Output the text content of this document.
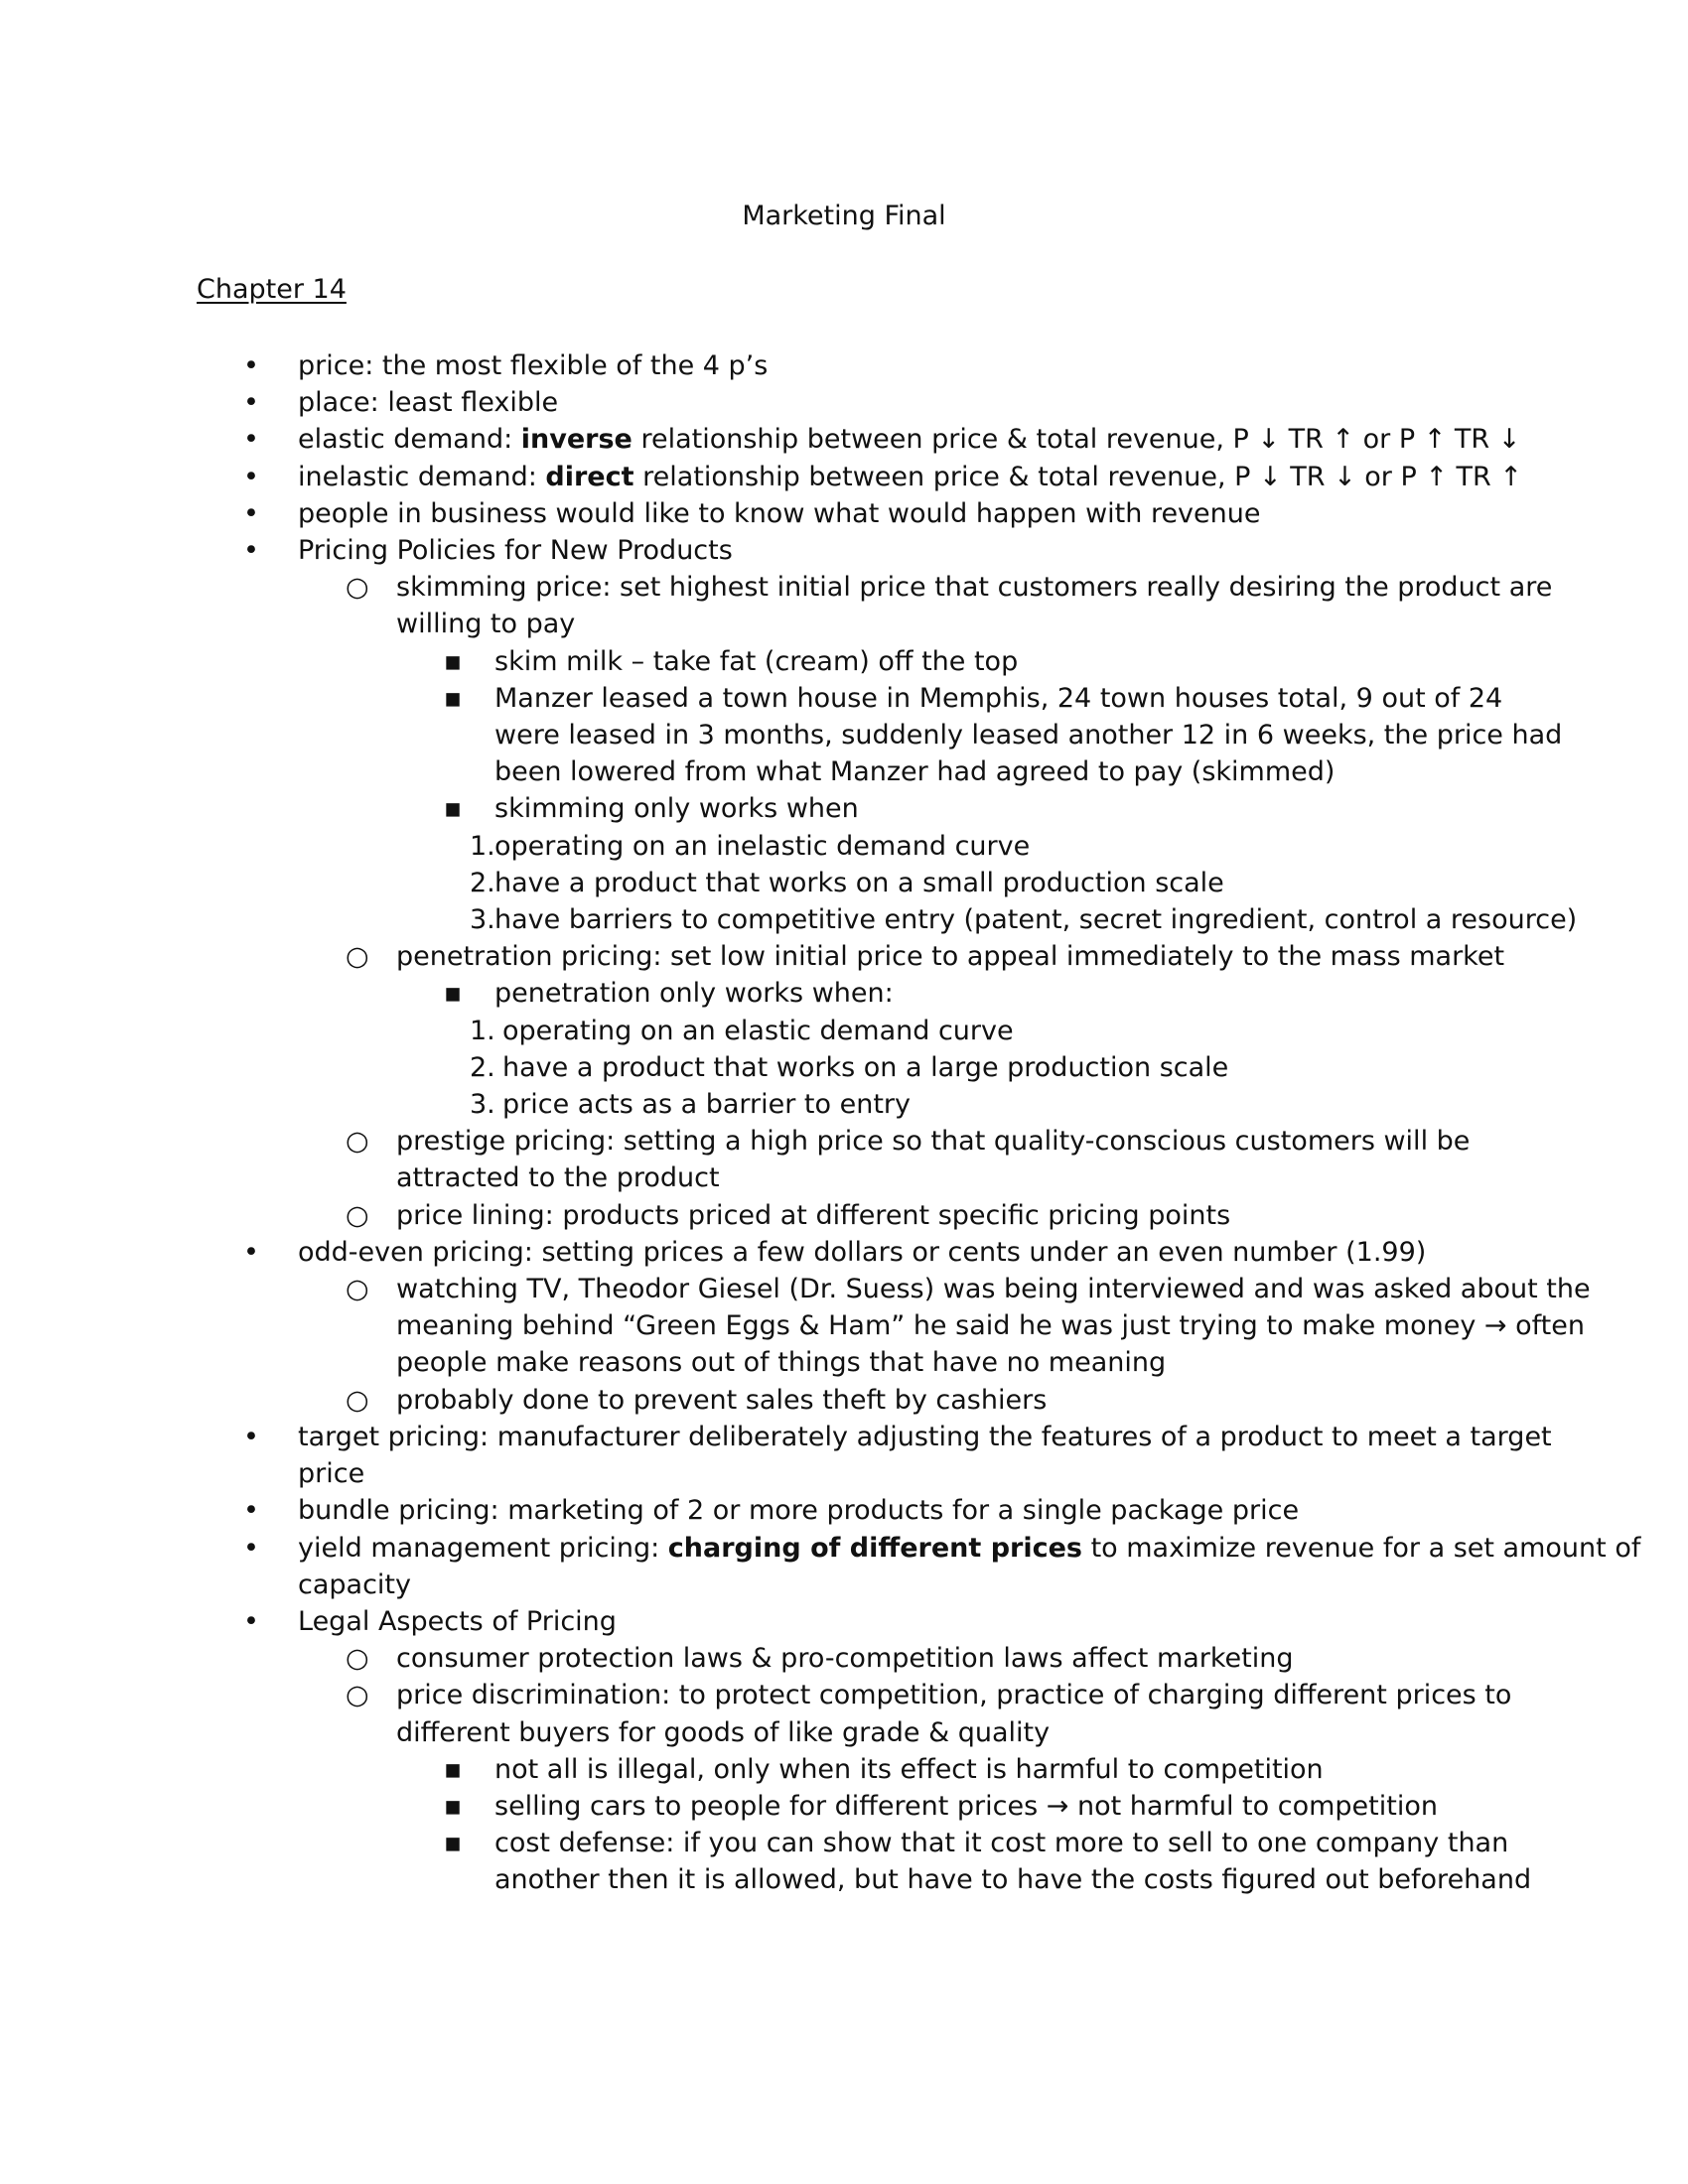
Marketing Final
Chapter 14
• price: the most flexible of the 4 p’s
• place: least flexible
• elastic demand: inverse relationship between price & total revenue, P ↓ TR ↑ or P ↑ TR ↓
• inelastic demand: direct relationship between price & total revenue, P ↓ TR ↓ or P ↑ TR ↑
• people in business would like to know what would happen with revenue
• Pricing Policies for New Products
○ skimming price: set highest initial price that customers really desiring the product are
willing to pay
▪ skim milk – take fat (cream) off the top
▪ Manzer leased a town house in Memphis, 24 town houses total, 9 out of 24
were leased in 3 months, suddenly leased another 12 in 6 weeks, the price had
been lowered from what Manzer had agreed to pay (skimmed)
▪ skimming only works when
1. operating on an inelastic demand curve
2. have a product that works on a small production scale
3. have barriers to competitive entry (patent, secret ingredient, control a resource)
○ penetration pricing: set low initial price to appeal immediately to the mass market
▪ penetration only works when:
1. operating on an elastic demand curve
2. have a product that works on a large production scale
3. price acts as a barrier to entry
○ prestige pricing: setting a high price so that quality-conscious customers will be
attracted to the product
○ price lining: products priced at different specific pricing points
• odd-even pricing: setting prices a few dollars or cents under an even number (1.99)
○ watching TV, Theodor Giesel (Dr. Suess) was being interviewed and was asked about the
meaning behind “Green Eggs & Ham” he said he was just trying to make money → often
people make reasons out of things that have no meaning
○ probably done to prevent sales theft by cashiers
• target pricing: manufacturer deliberately adjusting the features of a product to meet a target
price
• bundle pricing: marketing of 2 or more products for a single package price
• yield management pricing: charging of different prices to maximize revenue for a set amount of
capacity
• Legal Aspects of Pricing
○ consumer protection laws & pro-competition laws affect marketing
○ price discrimination: to protect competition, practice of charging different prices to
different buyers for goods of like grade & quality
▪ not all is illegal, only when its effect is harmful to competition
▪ selling cars to people for different prices → not harmful to competition
▪ cost defense: if you can show that it cost more to sell to one company than
another then it is allowed, but have to have the costs figured out beforehand
